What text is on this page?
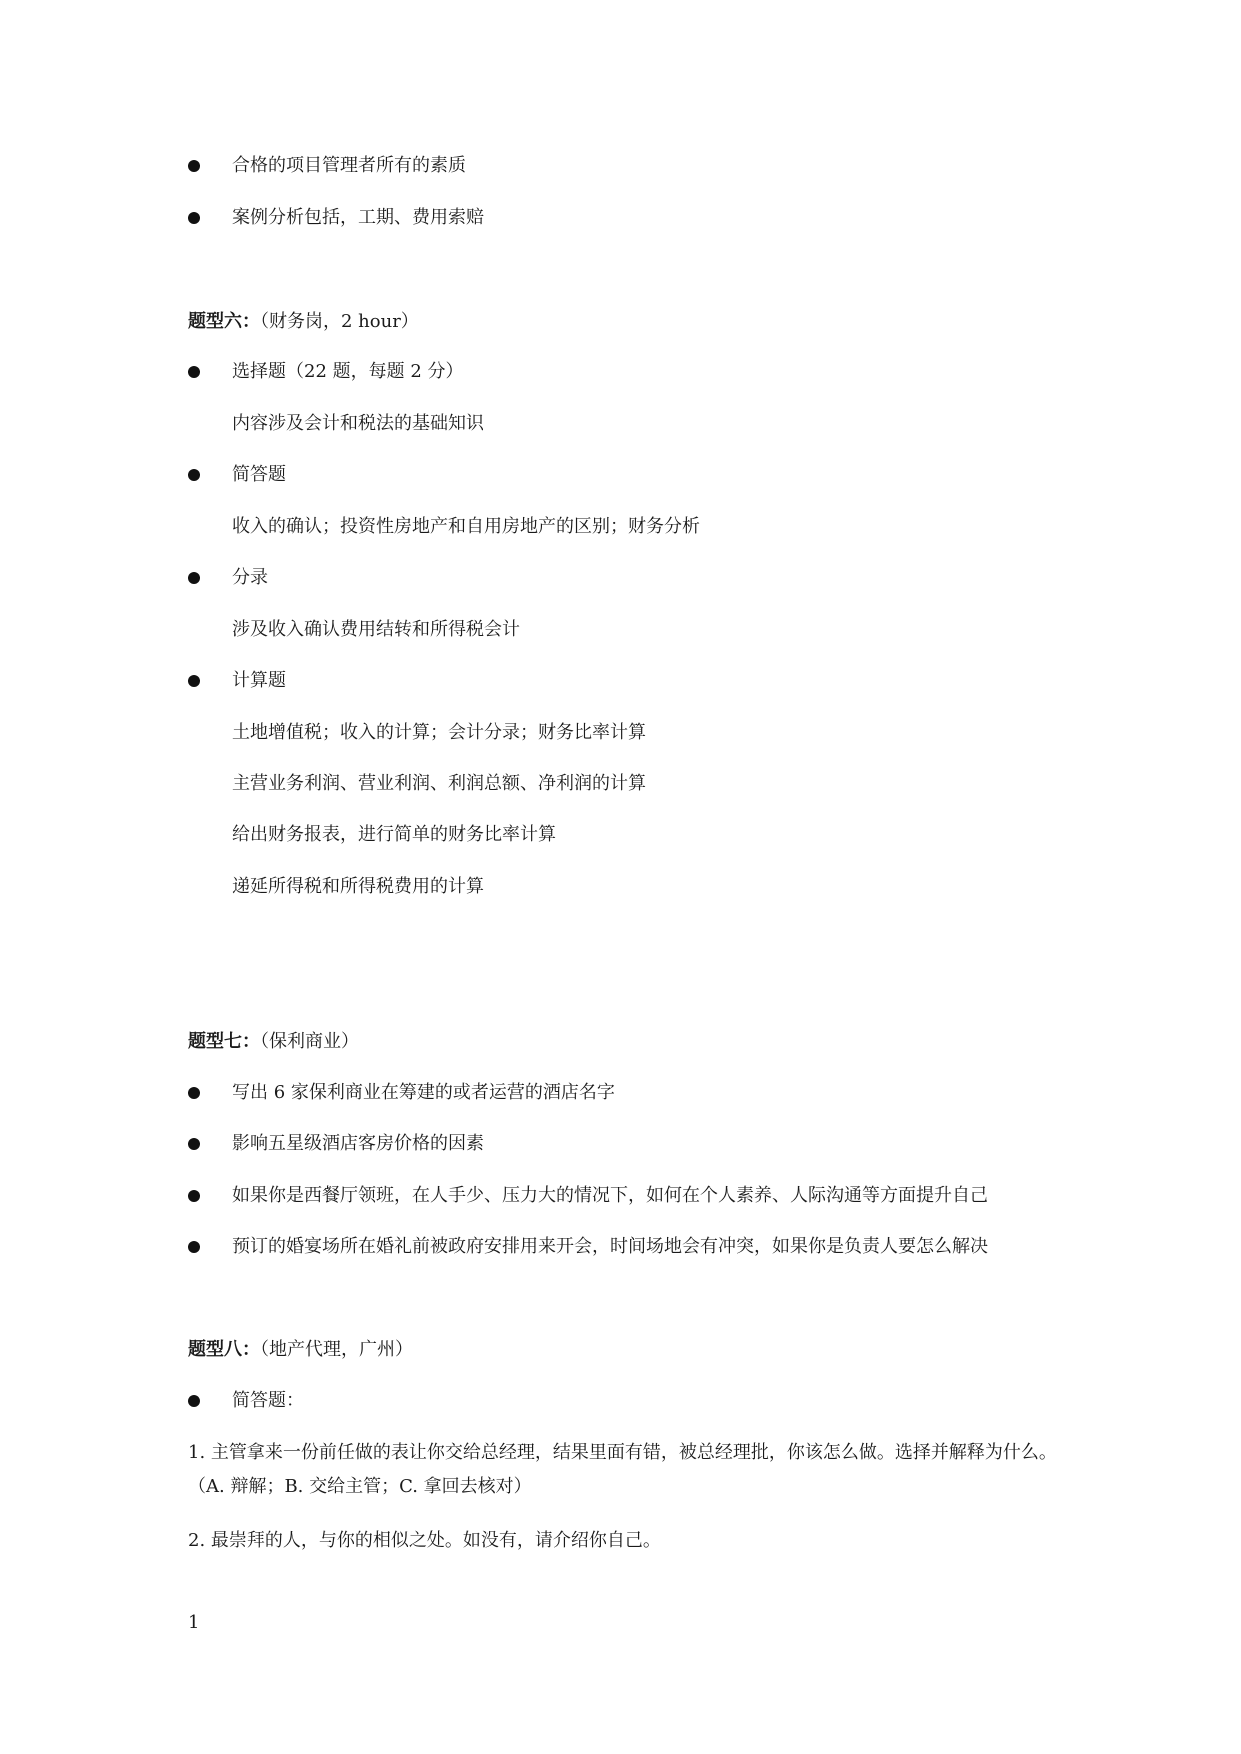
合格的项目管理者所有的素质
案例分析包括，工期、费用索赔
题型六：（财务岗，2 hour）
选择题（22 题，每题 2 分）
内容涉及会计和税法的基础知识
简答题
收入的确认；投资性房地产和自用房地产的区别；财务分析
分录
涉及收入确认费用结转和所得税会计
计算题
土地增值税；收入的计算；会计分录；财务比率计算
主营业务利润、营业利润、利润总额、净利润的计算
给出财务报表，进行简单的财务比率计算
递延所得税和所得税费用的计算
题型七：（保利商业）
写出 6 家保利商业在筹建的或者运营的酒店名字
影响五星级酒店客房价格的因素
如果你是西餐厅领班，在人手少、压力大的情况下，如何在个人素养、人际沟通等方面提升自己
预订的婚宴场所在婚礼前被政府安排用来开会，时间场地会有冲突，如果你是负责人要怎么解决
题型八：（地产代理，广州）
简答题：
1. 主管拿来一份前任做的表让你交给总经理，结果里面有错，被总经理批，你该怎么做。选择并解释为什么。（A. 辩解；B. 交给主管；C. 拿回去核对）
2. 最崇拜的人，与你的相似之处。如没有，请介绍你自己。
1
